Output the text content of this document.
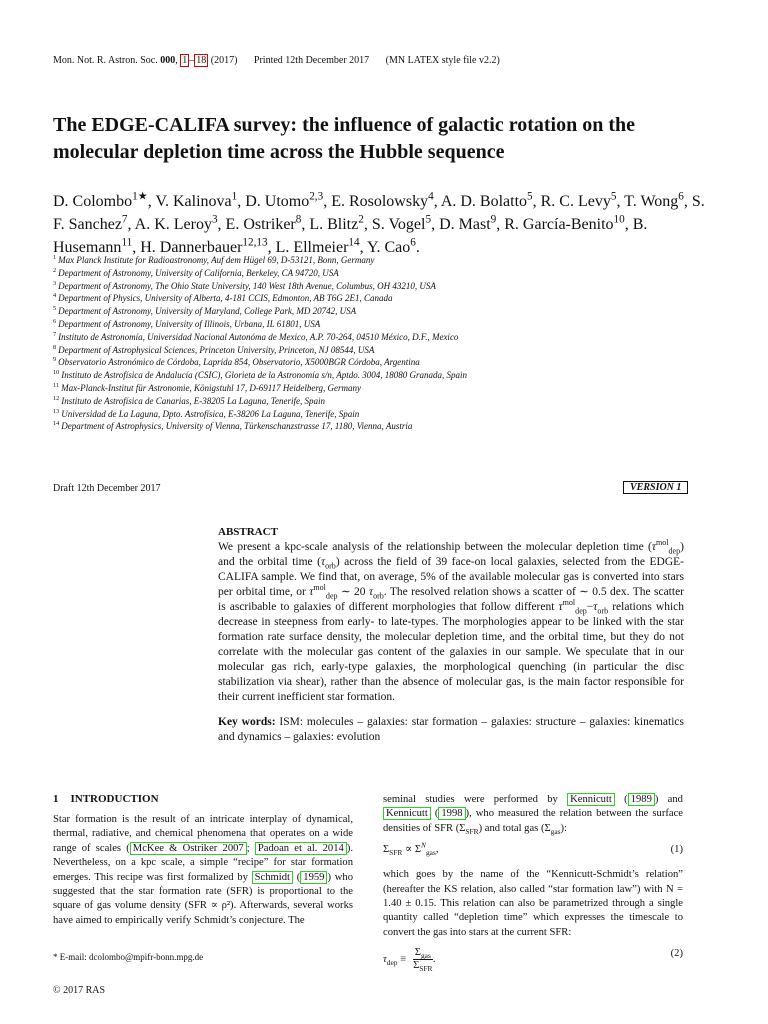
Mon. Not. R. Astron. Soc. 000, 1 – 18 (2017) Printed 12th December 2017 (MN LATEX style file v2.2)
The EDGE-CALIFA survey: the influence of galactic rotation on the molecular depletion time across the Hubble sequence
D. Colombo$^{1★}$, V. Kalinova$^1$, D. Utomo$^{2,3}$, E. Rosolowsky$^4$, A. D. Bolatto$^5$, R. C. Levy$^5$, T. Wong$^6$, S. F. Sanchez$^7$, A. K. Leroy$^3$, E. Ostriker$^8$, L. Blitz$^2$, S. Vogel$^5$, D. Mast$^9$, R. García-Benito$^{10}$, B. Husemann$^{11}$, H. Dannerbauer$^{12,13}$, L. Ellmeier$^{14}$, Y. Cao$^6$.
$^1$ Max Planck Institute for Radioastronomy, Auf dem Hügel 69, D-53121, Bonn, Germany
$^2$ Department of Astronomy, University of California, Berkeley, CA 94720, USA
$^3$ Department of Astronomy, The Ohio State University, 140 West 18th Avenue, Columbus, OH 43210, USA
$^4$ Department of Physics, University of Alberta, 4-181 CCIS, Edmonton, AB T6G 2E1, Canada
$^5$ Department of Astronomy, University of Maryland, College Park, MD 20742, USA
$^6$ Department of Astronomy, University of Illinois, Urbana, IL 61801, USA
$^7$ Instituto de Astronomía, Universidad Nacional Autonóma de Mexico, A.P. 70-264, 04510 México, D.F., Mexico
$^8$ Department of Astrophysical Sciences, Princeton University, Princeton, NJ 08544, USA
$^9$ Observatorio Astronómico de Córdoba, Laprida 854, Observatorio, X5000BGR Córdoba, Argentina
$^{10}$ Instituto de Astrofísica de Andalucía (CSIC), Glorieta de la Astronomía s/n, Aptdo. 3004, 18080 Granada, Spain
$^{11}$ Max-Planck-Institut für Astronomie, Königstuhl 17, D-69117 Heidelberg, Germany
$^{12}$ Instituto de Astrofísica de Canarias, E-38205 La Laguna, Tenerife, Spain
$^{13}$ Universidad de La Laguna, Dpto. Astrofísica, E-38206 La Laguna, Tenerife, Spain
$^{14}$ Department of Astrophysics, University of Vienna, Türkenschanzstrasse 17, 1180, Vienna, Austria
Draft 12th December 2017	VERSION 1
ABSTRACT
We present a kpc-scale analysis of the relationship between the molecular depletion time $(\tau^{mol}_{dep})$ and the orbital time $(\tau_{orb})$ across the field of 39 face-on local galaxies, selected from the EDGE-CALIFA sample. We find that, on average, 5% of the available molecular gas is converted into stars per orbital time, or $\tau^{mol}_{dep}$ ∼ 20 $\tau_{orb}$. The resolved relation shows a scatter of ∼ 0.5 dex. The scatter is ascribable to galaxies of different morphologies that follow different $\tau^{mol}_{dep}-\tau_{orb}$ relations which decrease in steepness from early- to late-types. The morphologies appear to be linked with the star formation rate surface density, the molecular depletion time, and the orbital time, but they do not correlate with the molecular gas content of the galaxies in our sample. We speculate that in our molecular gas rich, early-type galaxies, the morphological quenching (in particular the disc stabilization via shear), rather than the absence of molecular gas, is the main factor responsible for their current inefficient star formation.
Key words: ISM: molecules – galaxies: star formation – galaxies: structure – galaxies: kinematics and dynamics – galaxies: evolution
1 INTRODUCTION
Star formation is the result of an intricate interplay of dynamical, thermal, radiative, and chemical phenomena that operates on a wide range of scales ( McKee & Ostriker 2007 ; Padoan et al. 2014 ). Nevertheless, on a kpc scale, a simple “recipe” for star formation emerges. This recipe was first formalized by Schmidt ( 1959 ) who suggested that the star formation rate (SFR) is proportional to the square of gas volume density (SFR ∝ ρ²). Afterwards, several works have aimed to empirically verify Schmidt’s conjecture. The
seminal studies were performed by Kennicutt ( 1989 ) and Kennicutt ( 1998 ), who measured the relation between the surface densities of SFR $(\Sigma_{SFR})$ and total gas $(\Sigma_{gas})$:
$\Sigma_{SFR} \propto \Sigma^N_{gas}$,	(1)
which goes by the name of the “Kennicutt-Schmidt’s relation” (hereafter the KS relation, also called “star formation law”) with N = 1.40 ± 0.15. This relation can also be parametrized through a single quantity called “depletion time” which expresses the timescale to convert the gas into stars at the current SFR:
$\tau_{dep} \equiv \frac{\Sigma_{gas}}{\Sigma_{SFR}}$ .
(2)
* E-mail: dcolombo@mpifr-bonn.mpg.de
© 2017 RAS
